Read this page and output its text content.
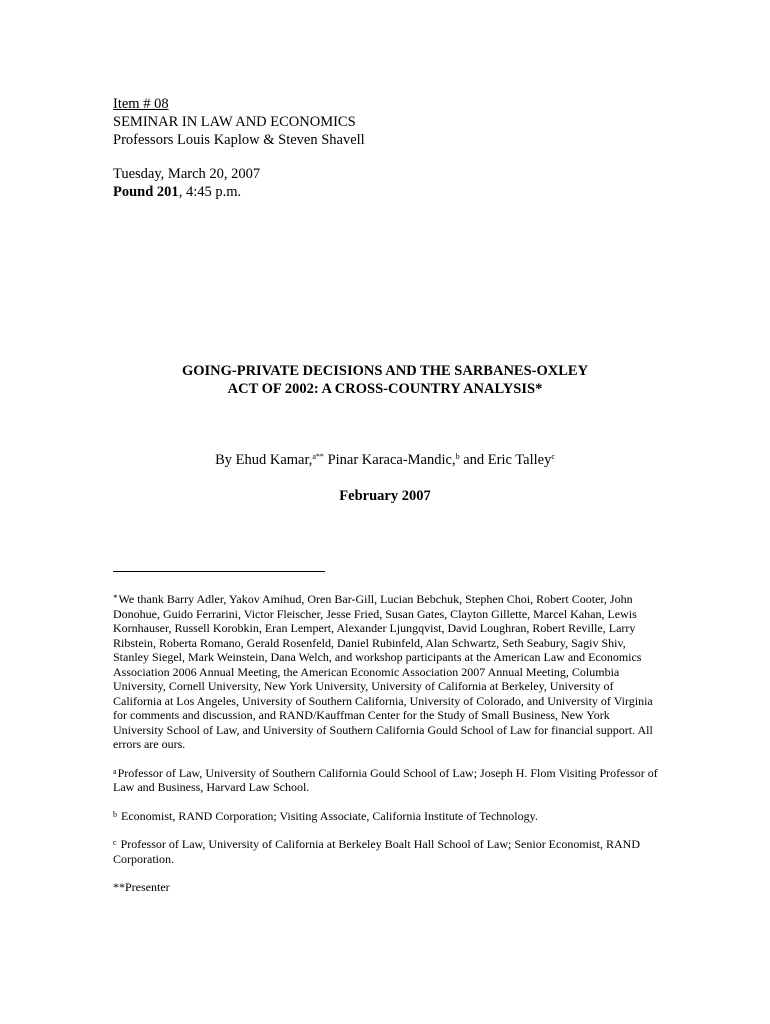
Item # 08
SEMINAR IN LAW AND ECONOMICS
Professors Louis Kaplow & Steven Shavell
Tuesday, March 20, 2007
Pound 201, 4:45 p.m.
GOING-PRIVATE DECISIONS AND THE SARBANES-OXLEY
ACT OF 2002: A CROSS-COUNTRY ANALYSIS*
By Ehud Kamar,$^{a**}$ Pinar Karaca-Mandic,$^b$ and Eric Talley$^c$
February 2007

*We thank Barry Adler, Yakov Amihud, Oren Bar-Gill, Lucian Bebchuk, Stephen Choi, Robert Cooter, John Donohue, Guido Ferrarini, Victor Fleischer, Jesse Fried, Susan Gates, Clayton Gillette, Marcel Kahan, Lewis Kornhauser, Russell Korobkin, Eran Lempert, Alexander Ljungqvist, David Loughran, Robert Reville, Larry Ribstein, Roberta Romano, Gerald Rosenfeld, Daniel Rubinfeld, Alan Schwartz, Seth Seabury, Sagiv Shiv, Stanley Siegel, Mark Weinstein, Dana Welch, and workshop participants at the American Law and Economics Association 2006 Annual Meeting, the American Economic Association 2007 Annual Meeting, Columbia University, Cornell University, New York University, University of California at Berkeley, University of California at Los Angeles, University of Southern California, University of Colorado, and University of Virginia for comments and discussion, and RAND/Kauffman Center for the Study of Small Business, New York University School of Law, and University of Southern California Gould School of Law for financial support. All errors are ours.

$^a$Professor of Law, University of Southern California Gould School of Law; Joseph H. Flom Visiting Professor of Law and Business, Harvard Law School.

$^b$ Economist, RAND Corporation; Visiting Associate, California Institute of Technology.

$^c$ Professor of Law, University of California at Berkeley Boalt Hall School of Law; Senior Economist, RAND Corporation.

**Presenter
